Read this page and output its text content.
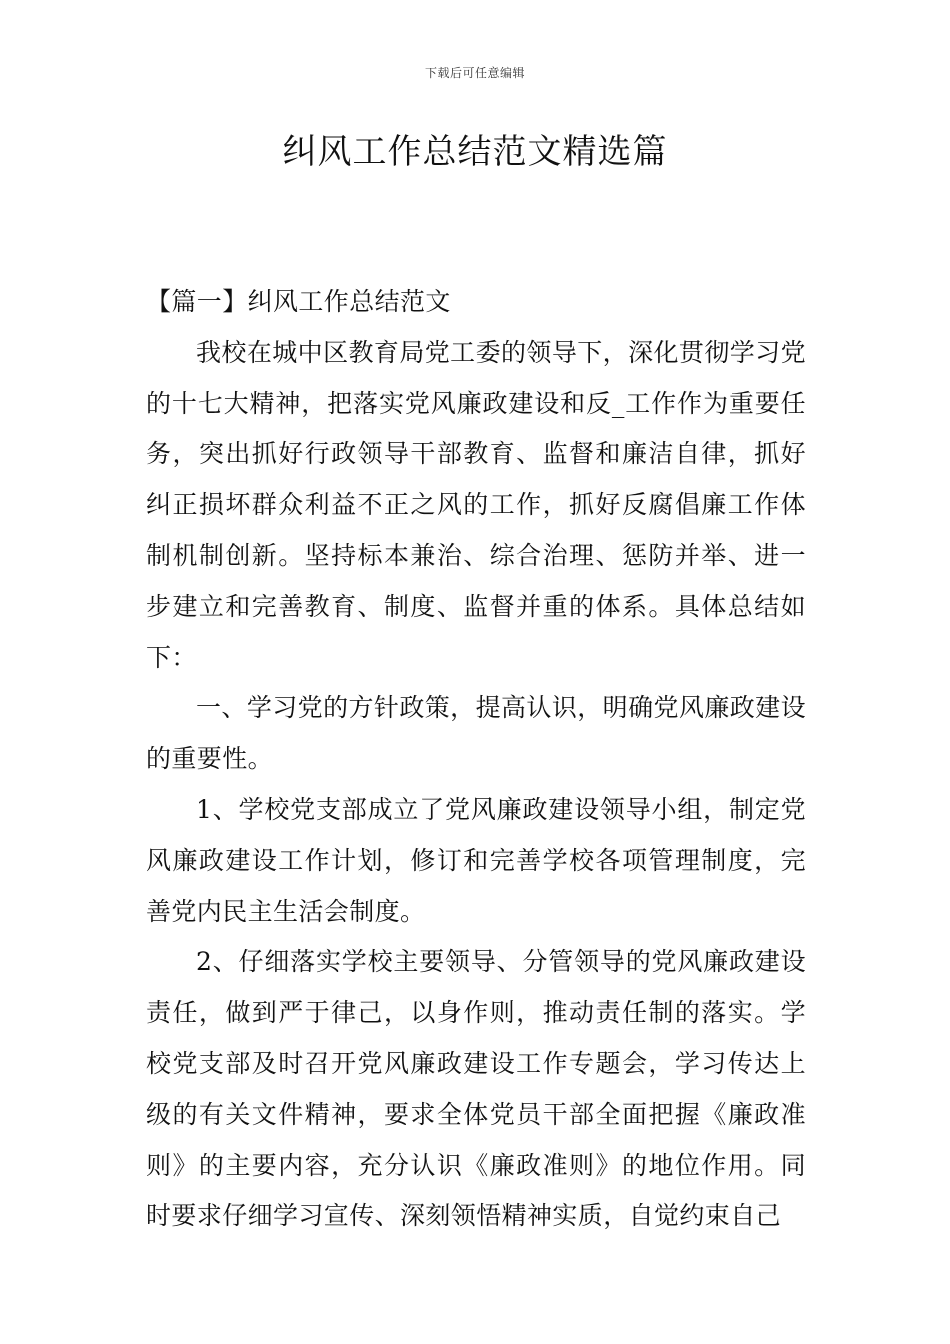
下载后可任意编辑
纠风工作总结范文精选篇

【篇一】纠风工作总结范文

我校在城中区教育局党工委的领导下，深化贯彻学习党的十七大精神，把落实党风廉政建设和反_工作作为重要任务，突出抓好行政领导干部教育、监督和廉洁自律，抓好纠正损坏群众利益不正之风的工作，抓好反腐倡廉工作体制机制创新。坚持标本兼治、综合治理、惩防并举、进一步建立和完善教育、制度、监督并重的体系。具体总结如下：

一、学习党的方针政策，提高认识，明确党风廉政建设的重要性。

1、学校党支部成立了党风廉政建设领导小组，制定党风廉政建设工作计划，修订和完善学校各项管理制度，完善党内民主生活会制度。

2、仔细落实学校主要领导、分管领导的党风廉政建设责任，做到严于律己，以身作则，推动责任制的落实。学校党支部及时召开党风廉政建设工作专题会，学习传达上级的有关文件精神，要求全体党员干部全面把握《廉政准则》的主要内容，充分认识《廉政准则》的地位作用。同时要求仔细学习宣传、深刻领悟精神实质，自觉约束自己
